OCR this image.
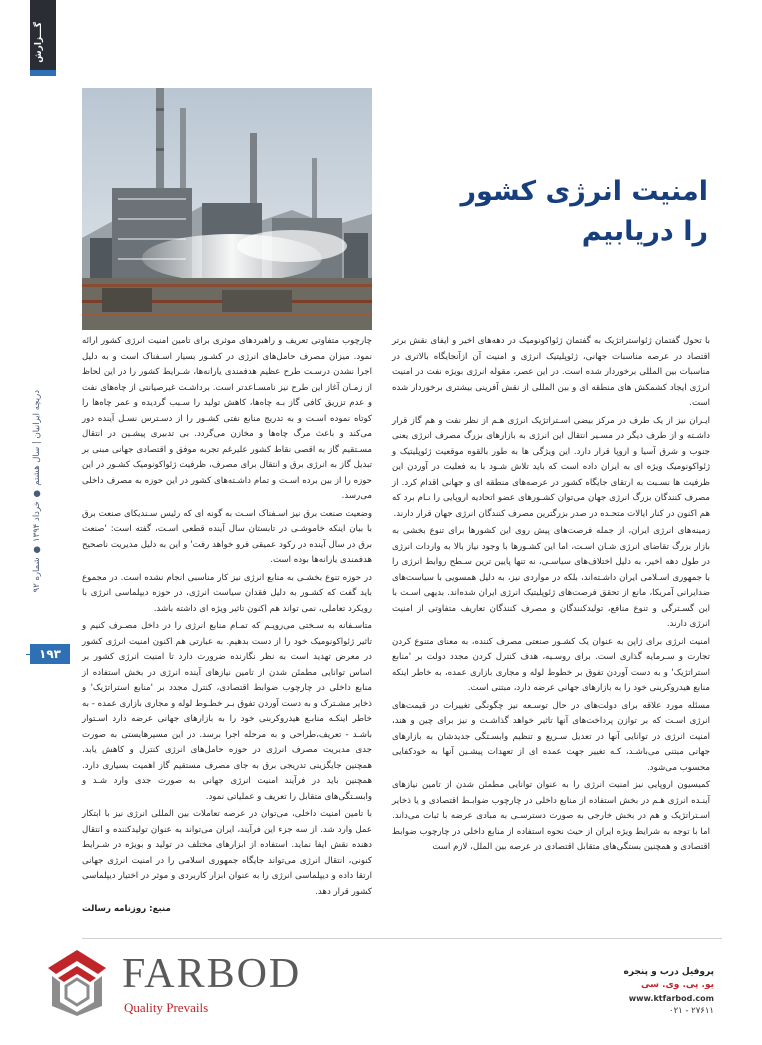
گـــزارش
امنیت انرژی کشور
را دریابیم

با تحول گفتمان ژئواستراتژیک به گفتمان ژئواکونومیک در دهه‌های اخیر و ایفای نقش برتر اقتصاد در عرصه مناسبات جهانی، ژئوپلیتیک انرژی و امنیت آن ازآنجایگاه بالاتری در مناسبات بین المللی برخوردار شده است. در این عصر، مقوله انرژی بویژه نفت در امنیت انرژی ایجاد کشمکش های منطقه ای و بین المللی از نقش آفرینی بیشتری برخوردار شده است.

ایـران نیز از یک طرف در مرکز بیضی اسـتراتژیک انرژی هـم از نظر نفت و هم گاز قرار داشـته و از طرف دیگر در مسـیر انتقال این انرژی به بازارهای بزرگ مصرف انرژی یعنی جنوب و شرق آسیا و اروپا قرار دارد. این ویژگی ها به طور بالقوه موقعیت ژئوپلیتیک و ژئواکونومیک ویژه ای به ایران داده است که باید تلاش شـود با به فعلیت در آوردن این ظرفیت ها نسـبت به ارتقای جایگاه کشور در عرصه‌های منطقه ای و جهانی اقدام کرد. از مصرف کنندگان بزرگ انرژی جهان می‌توان کشـورهای عضو اتحادیه اروپایی را نـام برد که هم اکنون در کنار ایالات متحـده در صدر بزرگترین مصرف کنندگان انرژی جهان قرار دارند.

زمینه‌های انرژی ایران، از جمله فرصت‌های پیش روی این کشورها برای تنوع بخشی به بازار بزرگ تقاضای انرژی شـان اسـت، اما این کشـورها با وجود نیاز بالا به واردات انرژی در طول دهه اخیر، به دلیل اختلاف‌های سیاسـی، نه تنها پایین ترین سـطح روابط انرژی را با جمهوری اسـلامی ایران داشـته‌اند، بلکه در مواردی نیز، به دلیل همسویی با سیاست‌های ضدایرانی آمریکا، مانع از تحقق فرصت‌های ژئوپلیتیک انرژی ایران شده‌اند. بدیهی اسـت با این گسـترگی و تنوع منافع، تولیدکنندگان و مصرف کنندگان تعاریف متفاوتی از امنیت انرژی دارند.

امنیت انرژی برای ژاپن به عنوان یک کشـور صنعتی مصرف کننده، به معنای متنوع کردن تجارت و سـرمایه گذاری است. برای روسـیه، هدف کنترل کردن مجدد دولت بر 'منابع استراتژیک' و به دست آوردن تفوق بر خطوط لوله و مجاری بازاری عمده، به خاطر اینکه منابع هیدروکربنی خود را به بازارهای جهانی عرضه دارد، مبتنی است.

مسئله مورد علاقه برای دولت‌های در حال توسـعه نیز چگونگی تغییرات در قیمت‌های انرژی اسـت که بر توازن پرداخت‌های آنها تاثیر خواهد گذاشـت و نیز برای چین و هند، امنیت انرژی در توانایی آنها در تعدیل سـریع و تنظیم وابسـتگی جدیدشان به بازارهای جهانی مبتنی می‌باشـد، کـه تغییر جهت عمده ای از تعهدات پیشـین آنها به خودکفایی محسوب می‌شود.

کمیسیون اروپایی نیز امنیت انرژی را به عنوان توانایی مطمئن شدن از تامین نیازهای آینـده انرژی هـم در بخش استفاده از منابع داخلی در چارچوب ضوابـط اقتصادی و یا ذخایر اسـتراتژیک و هم در بخش خارجی به صورت دسترسـی به مبادی عرضه با ثبات می‌داند. اما با توجه به شرایط ویژه ایران از حیث نحوه استفاده از منابع داخلی در چارچوب ضوابط اقتصادی و همچنین بستگی‌های متقابل اقتصادی در عرصه بین الملل، لازم است

چارچوب متفاوتی تعریف و راهبردهای موثری برای تامین امنیت انرژی کشور ارائه نمود. میزان مصرف حامل‌های انرژی در کشـور بسیار اسـفناک است و به دلیل اجرا نشدن درسـت طرح عظیم هدفمندی یارانه‌ها، شـرایط کشور را در این لحاظ از زمـان آغاز این طرح نیز نامسـاعدتر است. برداشـت غیرصیانتی از چاه‌های نفت و عدم تزریق کافی گاز بـه چاه‌ها، کاهش تولید را سـبب گردیده و عمر چاه‌ها را کوتاه نموده اسـت و به تدریج منابع نفتی کشـور را از دسـترس نسـل آینده دور می‌کند و باعث مرگ چاه‌ها و مخازن می‌گردد. بی تدبیری پیشـین در انتقال مسـتقیم گاز به اقصی نقاط کشور علیرغم تجربه موفق و اقتصادی جهانی مبنی بر تبدیل گاز به انرژی برق و انتقال برای مصرف، ظرفیت ژئواکونومیک کشـور در این حوزه را از بین برده اسـت و تمام داشـته‌های کشور در این حوزه به مصرف داخلی می‌رسد.

وضعیت صنعت برق نیز اسـفناک اسـت به گونه ای که رئیس سـندیکای صنعت برق با بیان اینکه خاموشـی در تابستان سال آینده قطعی اسـت، گفته است: 'صنعت برق در سال آینده در رکود عمیقی فرو خواهد رفت' و این به دلیل مدیریت ناصحیح هدفمندی یارانه‌ها بوده است.

در حوزه تنوع بخشـی به منابع انرژی نیز کار مناسبی انجام نشده است. در مجموع باید گفت که کشـور به دلیل فقدان سیاست انرژی، در حوزه دیپلماسی انرژی با رویکرد تعاملی، نمی تواند هم اکنون تاثیر ویژه ای داشته باشد.

متاسـفانه به سـختی می‌رویـم که تمـام منابع انرژی را در داخل مصـرف کنیم و تاثیر ژئواکونومیک خود را از دست بدهیم. به عبارتی هم اکنون امنیت انرژی کشور در معرض تهدید است به نظر نگارنده ضرورت دارد تا امنیت انرژی کشور بر اساس توانایی مطمئن شدن از تامین نیازهای آینده انرژی در بخش استفاده از منابع داخلی در چارچوب ضوابط اقتصادی، کنترل مجدد بر 'منابع استراتژیک' و ذخایر مشـترک و به دست آوردن تفوق بـر خطـوط لوله و مجاری بازاری عمده - به خاطر اینکـه منابـع هیدروکربنی خود را به بازارهای جهانی عرضه دارد اسـتوار باشـد - تعریف،طراحی و به مرحله اجرا برسد. در این مسیرهایستی به صورت جدی مدیریت مصرف انرژی در حوزه حامل‌های انرژی کنترل و کاهش یابد. همچنین جایگزینی تدریجی برق به جای مصرف مستقیم گاز اهمیت بسیاری دارد. همچنین باید در فرآیند امنیت انرژی جهانی به صورت جدی وارد شـد و وابسـتگی‌های متقابل را تعریف و عملیاتی نمود.

با تامین امنیت داخلی، می‌توان در عرصه تعاملات بین المللی انرژی نیز با ابتکار عمل وارد شد. از سه جزء این فرآیند، ایران می‌تواند به عنوان تولیدکننده و انتقال دهنده نقش ایفا نماید. استفاده از ابزارهای مختلف در تولید و بویژه در شـرایط کنونی، انتقال انرژی می‌تواند جایگاه جمهوری اسلامی را در امنیت انرژی جهانی ارتقا داده و دیپلماسی انرژی را به عنوان ابزار کاربردی و موثر در اختیار دیپلماسی کشور قرار دهد.

منبع: روزنامه رسالت
دریچه ایرانیان | سال هشتم ● خرداد ۱۳۹۴ ● شماره ۹۲
۱۹۳
FARBOD
Quality Prevails
پروفیل درب و پنجره
یو. پی. وی. سی
www.ktfarbod.com
۰۲۱ - ۲۷۶۱۱
